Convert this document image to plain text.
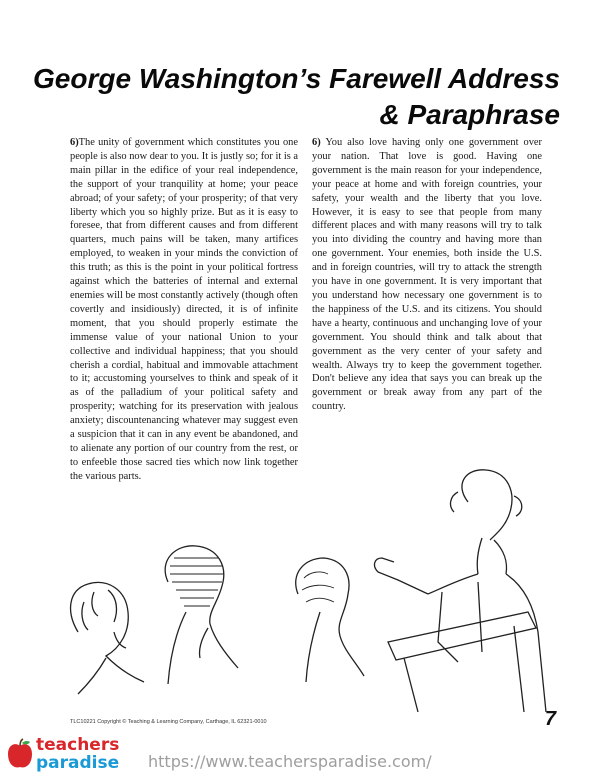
George Washington’s Farewell Address
& Paraphrase
6)The unity of government which constitutes you one people is also now dear to you. It is justly so; for it is a main pillar in the edifice of your real independence, the support of your tranquility at home; your peace abroad; of your safety; of your prosperity; of that very liberty which you so highly prize. But as it is easy to foresee, that from different causes and from different quarters, much pains will be taken, many artifices employed, to weaken in your minds the conviction of this truth; as this is the point in your political fortress against which the batteries of internal and external enemies will be most constantly actively (though often covertly and insidiously) directed, it is of infinite moment, that you should properly estimate the immense value of your national Union to your collective and individual happiness; that you should cherish a cordial, habitual and immovable attachment to it; accustoming yourselves to think and speak of it as of the palladium of your political safety and prosperity; watching for its preservation with jealous anxiety; discountenancing whatever may suggest even a suspicion that it can in any event be abandoned, and to alienate any portion of our country from the rest, or to enfeeble those sacred ties which now link together the various parts.
6) You also love having only one government over your nation. That love is good. Having one government is the main reason for your independence, your peace at home and with foreign countries, your safety, your wealth and the liberty that you love. However, it is easy to see that people from many different places and with many reasons will try to talk you into dividing the country and having more than one government. Your enemies, both inside the U.S. and in foreign countries, will try to attack the strength you have in one government. It is very important that you understand how necessary one government is to the happiness of the U.S. and its citizens. You should have a hearty, continuous and unchanging love of your government. You should think and talk about that government as the very center of your safety and wealth. Always try to keep the government together. Don't believe any idea that says you can break up the government or break away from any part of the country.
TLC10221 Copyright © Teaching & Learning Company, Carthage, IL 62321-0010	7
teachers
paradise https://www.teachersparadise.com/
